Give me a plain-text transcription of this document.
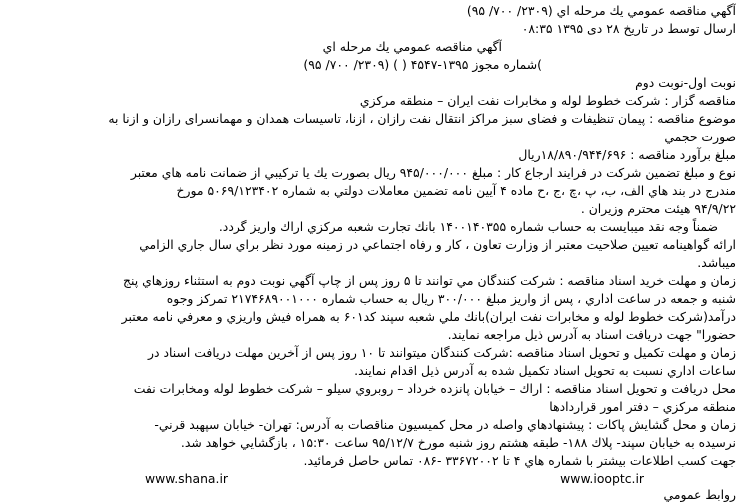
آگهي مناقصه عمومي يك مرحله اي (۲۳۰۹/ ۷۰۰/ ۹۵)
ارسال توسط در تاریخ ۲۸ دی ۱۳۹۵ ۰۸:۳۵
آگهي مناقصه عمومي يك مرحله اي
)شماره مجوز ۱۳۹۵-۴۵۴۷ ( ) (۲۳۰۹/ ۷۰۰/ ۹۵)
نوبت اول-نوبت دوم
مناقصه گزار : شرکت خطوط لوله و مخابرات نفت ايران – منطقه مرکزي
موضوع مناقصه : پیمان تنظیفات و فضای سبز مراکز انتقال نفت رازان ، ازنا، تاسیسات همدان و مهمانسرای رازان و ازنا به
صورت حجمي
مبلغ برآورد مناقصه : ۱۸/۸۹۰/۹۴۴/۶۹۶ريال
نوع و مبلغ تضمين شركت در فرايند ارجاع كار : مبلغ ۹۴۵/۰۰۰/۰۰۰ ريال بصورت يك يا تركيبي از ضمانت نامه هاي معتبر
مندرج در بند هاي الف، ب، پ ،چ ،ج ،ح ماده ۴ آيين نامه تضمين معاملات دولتي به شماره ۵۰۶۹/۱۲۳۴۰۲ مورخ
۹۴/۹/۲۲ هيئت محترم وزيران .
ضمناً وجه نقد ميبايست به حساب شماره ۱۴۰۰۱۴۰۳۵۵ بانك تجارت شعبه مركزي اراك واريز گردد.
ارائه گواهينامه تعيين صلاحيت معتبر از وزارت تعاون ، كار و رفاه اجتماعي در زمينه مورد نظر براي سال جاري الزامي
ميباشد.
زمان و مهلت خريد اسناد مناقصه : شركت كنندگان مي توانند تا ۵ روز پس از چاپ آگهي نوبت دوم به استثناء روزهاي پنج
شنبه و جمعه در ساعت اداري ، پس از واريز مبلغ ۳۰۰/۰۰۰ ريال به حساب شماره ۲۱۷۴۶۸۹۰۰۱۰۰۰ تمركز وجوه
درآمد(شركت خطوط لوله و مخابرات نفت ايران)بانك ملي شعبه سپند كد۶۰۱ به همراه فيش واريزي و معرفي نامه معتبر
حضورا" جهت دريافت اسناد به آدرس ذيل مراجعه نمايند.
زمان و مهلت تكميل و تحويل اسناد مناقصه :شركت كنندگان ميتوانند تا ۱۰ روز پس از آخرين مهلت دريافت اسناد در
ساعات اداري نسبت به تحويل اسناد تكميل شده به آدرس ذيل اقدام نمايند.
محل دريافت و تحويل اسناد مناقصه : اراك – خيابان پانزده خرداد – روبروي سيلو – شركت خطوط لوله ومخابرات نفت
منطقه مركزي – دفتر امور قراردادها
زمان و محل گشايش پاكات : پيشنهادهاي واصله در محل كميسيون مناقصات به آدرس: تهران- خيابان سپهبد قرني-
نرسيده به خيابان سپند- پلاك ۱۸۸- طبقه هشتم روز شنبه مورخ ۹۵/۱۲/۷ ساعت ۱۵:۳۰ ، بازگشايي خواهد شد.
جهت كسب اطلاعات بيشتر با شماره هاي ۴ تا ۳۳۶۷۲۰۰۲ -۰۸۶ تماس حاصل فرمائيد.
www.shana.ir	www.iooptc.ir
روابط عمومي
